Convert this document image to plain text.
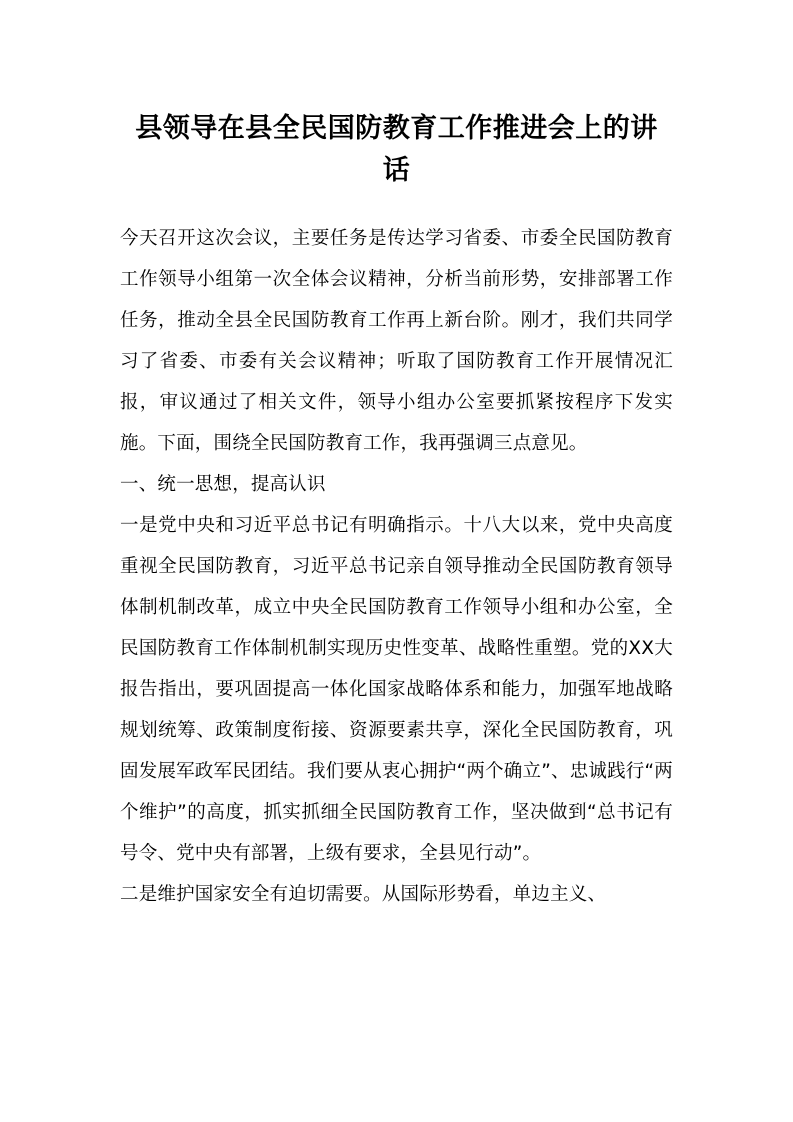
县领导在县全民国防教育工作推进会上的讲话

今天召开这次会议，主要任务是传达学习省委、市委全民国防教育工作领导小组第一次全体会议精神，分析当前形势，安排部署工作任务，推动全县全民国防教育工作再上新台阶。刚才，我们共同学习了省委、市委有关会议精神；听取了国防教育工作开展情况汇报，审议通过了相关文件，领导小组办公室要抓紧按程序下发实施。下面，围绕全民国防教育工作，我再强调三点意见。

一、统一思想，提高认识

一是党中央和习近平总书记有明确指示。十八大以来，党中央高度重视全民国防教育，习近平总书记亲自领导推动全民国防教育领导体制机制改革，成立中央全民国防教育工作领导小组和办公室，全民国防教育工作体制机制实现历史性变革、战略性重塑。党的XX大报告指出，要巩固提高一体化国家战略体系和能力，加强军地战略规划统筹、政策制度衔接、资源要素共享，深化全民国防教育，巩固发展军政军民团结。我们要从衷心拥护“两个确立”、忠诚践行“两个维护”的高度，抓实抓细全民国防教育工作，坚决做到“总书记有号令、党中央有部署，上级有要求，全县见行动”。

二是维护国家安全有迫切需要。从国际形势看，单边主义、
